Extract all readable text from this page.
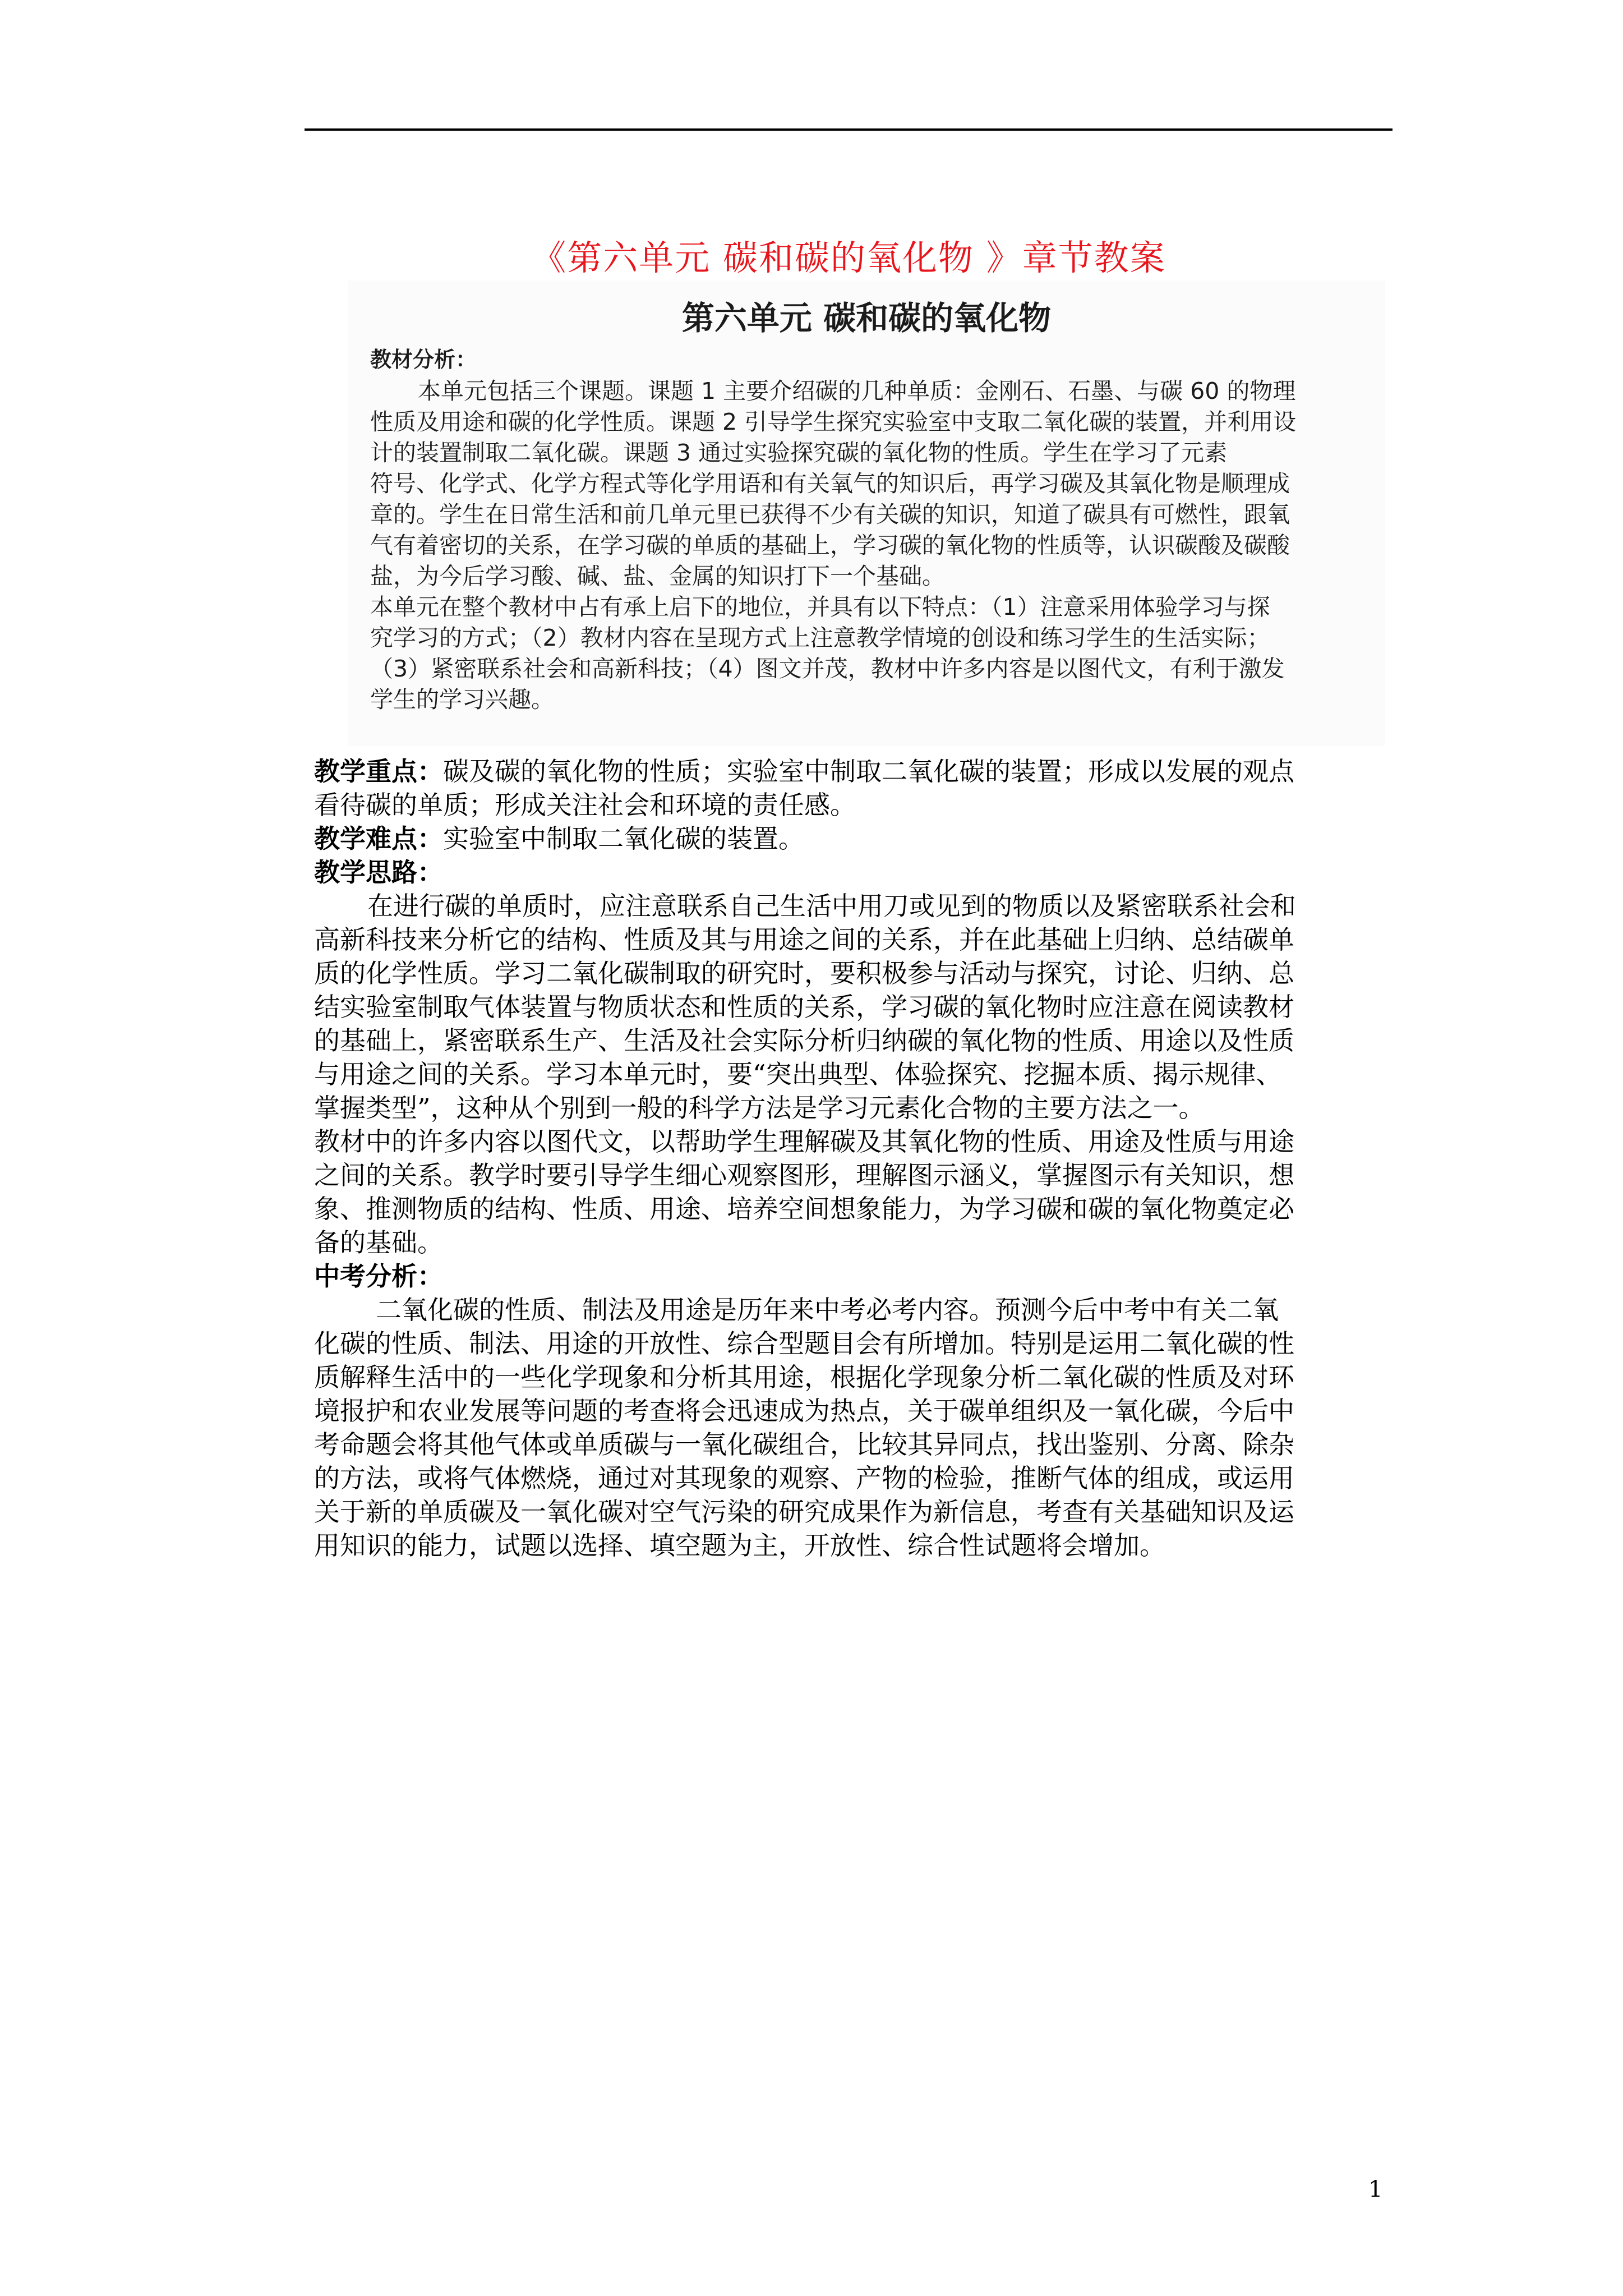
《第六单元 碳和碳的氧化物 》章节教案
第六单元 碳和碳的氧化物
教材分析：
本单元包括三个课题。课题 1 主要介绍碳的几种单质：金刚石、石墨、与碳 60 的物理
性质及用途和碳的化学性质。课题 2 引导学生探究实验室中支取二氧化碳的装置，并利用设
计的装置制取二氧化碳。课题 3 通过实验探究碳的氧化物的性质。学生在学习了元素
符号、化学式、化学方程式等化学用语和有关氧气的知识后，再学习碳及其氧化物是顺理成
章的。学生在日常生活和前几单元里已获得不少有关碳的知识，知道了碳具有可燃性，跟氧
气有着密切的关系，在学习碳的单质的基础上，学习碳的氧化物的性质等，认识碳酸及碳酸
盐，为今后学习酸、碱、盐、金属的知识打下一个基础。
本单元在整个教材中占有承上启下的地位，并具有以下特点：（1）注意采用体验学习与探
究学习的方式；（2）教材内容在呈现方式上注意教学情境的创设和练习学生的生活实际；
（3）紧密联系社会和高新科技；（4）图文并茂，教材中许多内容是以图代文，有利于激发
学生的学习兴趣。
教学重点：碳及碳的氧化物的性质；实验室中制取二氧化碳的装置；形成以发展的观点
看待碳的单质；形成关注社会和环境的责任感。
教学难点：实验室中制取二氧化碳的装置。
教学思路：
在进行碳的单质时，应注意联系自己生活中用刀或见到的物质以及紧密联系社会和
高新科技来分析它的结构、性质及其与用途之间的关系，并在此基础上归纳、总结碳单
质的化学性质。学习二氧化碳制取的研究时，要积极参与活动与探究，讨论、归纳、总
结实验室制取气体装置与物质状态和性质的关系，学习碳的氧化物时应注意在阅读教材
的基础上，紧密联系生产、生活及社会实际分析归纳碳的氧化物的性质、用途以及性质
与用途之间的关系。学习本单元时，要“突出典型、体验探究、挖掘本质、揭示规律、
掌握类型”，这种从个别到一般的科学方法是学习元素化合物的主要方法之一。
教材中的许多内容以图代文，以帮助学生理解碳及其氧化物的性质、用途及性质与用途
之间的关系。教学时要引导学生细心观察图形，理解图示涵义，掌握图示有关知识，想
象、推测物质的结构、性质、用途、培养空间想象能力，为学习碳和碳的氧化物奠定必
备的基础。
中考分析：
二氧化碳的性质、制法及用途是历年来中考必考内容。预测今后中考中有关二氧
化碳的性质、制法、用途的开放性、综合型题目会有所增加。特别是运用二氧化碳的性
质解释生活中的一些化学现象和分析其用途，根据化学现象分析二氧化碳的性质及对环
境报护和农业发展等问题的考查将会迅速成为热点，关于碳单组织及一氧化碳，今后中
考命题会将其他气体或单质碳与一氧化碳组合，比较其异同点，找出鉴别、分离、除杂
的方法，或将气体燃烧，通过对其现象的观察、产物的检验，推断气体的组成，或运用
关于新的单质碳及一氧化碳对空气污染的研究成果作为新信息，考查有关基础知识及运
用知识的能力，试题以选择、填空题为主，开放性、综合性试题将会增加。
1
